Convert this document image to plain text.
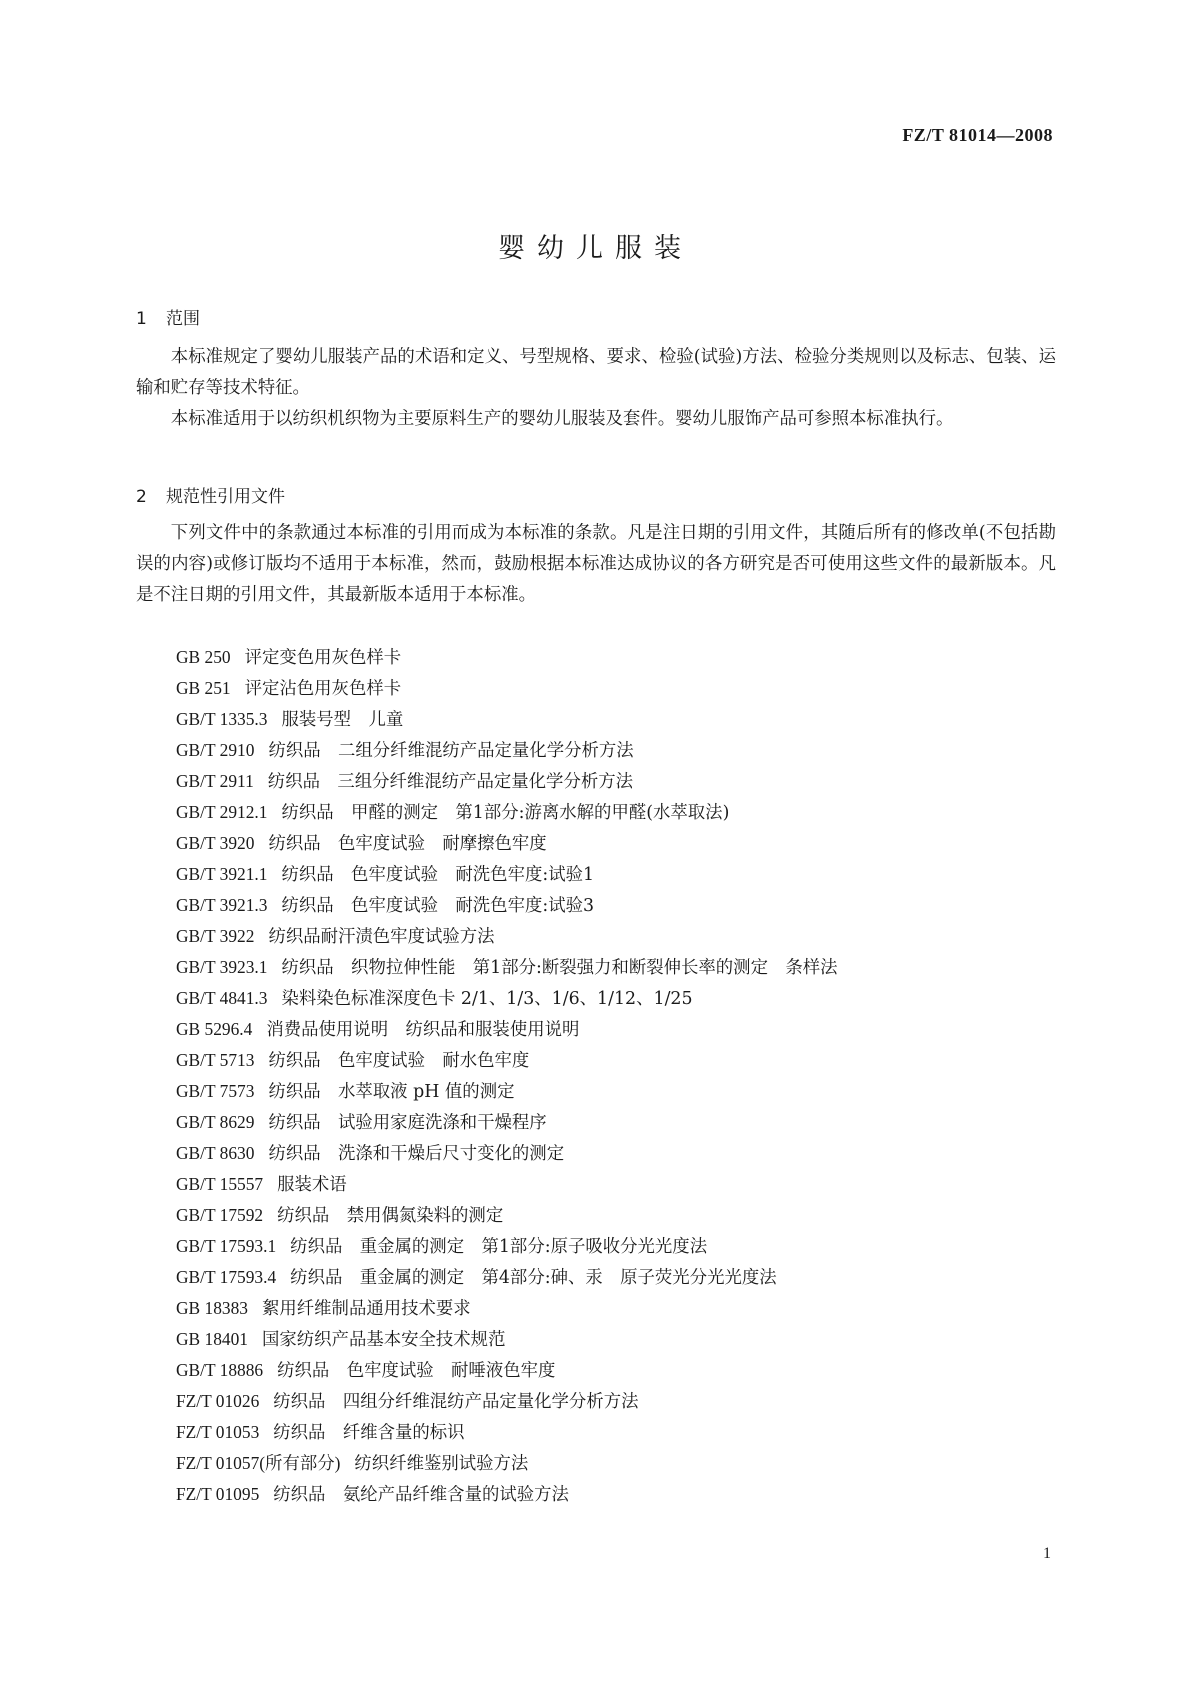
FZ/T 81014—2008
婴幼儿服装
1 范围

本标准规定了婴幼儿服装产品的术语和定义、号型规格、要求、检验(试验)方法、检验分类规则以及标志、包装、运输和贮存等技术特征。

本标准适用于以纺织机织物为主要原料生产的婴幼儿服装及套件。婴幼儿服饰产品可参照本标准执行。

2 规范性引用文件

下列文件中的条款通过本标准的引用而成为本标准的条款。凡是注日期的引用文件，其随后所有的修改单(不包括勘误的内容)或修订版均不适用于本标准，然而，鼓励根据本标准达成协议的各方研究是否可使用这些文件的最新版本。凡是不注日期的引用文件，其最新版本适用于本标准。

GB 250 评定变色用灰色样卡
GB 251 评定沾色用灰色样卡
GB/T 1335.3 服装号型　儿童
GB/T 2910 纺织品　二组分纤维混纺产品定量化学分析方法
GB/T 2911 纺织品　三组分纤维混纺产品定量化学分析方法
GB/T 2912.1 纺织品　甲醛的测定　第1部分:游离水解的甲醛(水萃取法)
GB/T 3920 纺织品　色牢度试验　耐摩擦色牢度
GB/T 3921.1 纺织品　色牢度试验　耐洗色牢度:试验1
GB/T 3921.3 纺织品　色牢度试验　耐洗色牢度:试验3
GB/T 3922 纺织品耐汗渍色牢度试验方法
GB/T 3923.1 纺织品　织物拉伸性能　第1部分:断裂强力和断裂伸长率的测定　条样法
GB/T 4841.3 染料染色标准深度色卡 2/1、1/3、1/6、1/12、1/25
GB 5296.4 消费品使用说明　纺织品和服装使用说明
GB/T 5713 纺织品　色牢度试验　耐水色牢度
GB/T 7573 纺织品　水萃取液 pH 值的测定
GB/T 8629 纺织品　试验用家庭洗涤和干燥程序
GB/T 8630 纺织品　洗涤和干燥后尺寸变化的测定
GB/T 15557 服装术语
GB/T 17592 纺织品　禁用偶氮染料的测定
GB/T 17593.1 纺织品　重金属的测定　第1部分:原子吸收分光光度法
GB/T 17593.4 纺织品　重金属的测定　第4部分:砷、汞　原子荧光分光光度法
GB 18383 絮用纤维制品通用技术要求
GB 18401 国家纺织产品基本安全技术规范
GB/T 18886 纺织品　色牢度试验　耐唾液色牢度
FZ/T 01026 纺织品　四组分纤维混纺产品定量化学分析方法
FZ/T 01053 纺织品　纤维含量的标识
FZ/T 01057(所有部分) 纺织纤维鉴别试验方法
FZ/T 01095 纺织品　氨纶产品纤维含量的试验方法
1
